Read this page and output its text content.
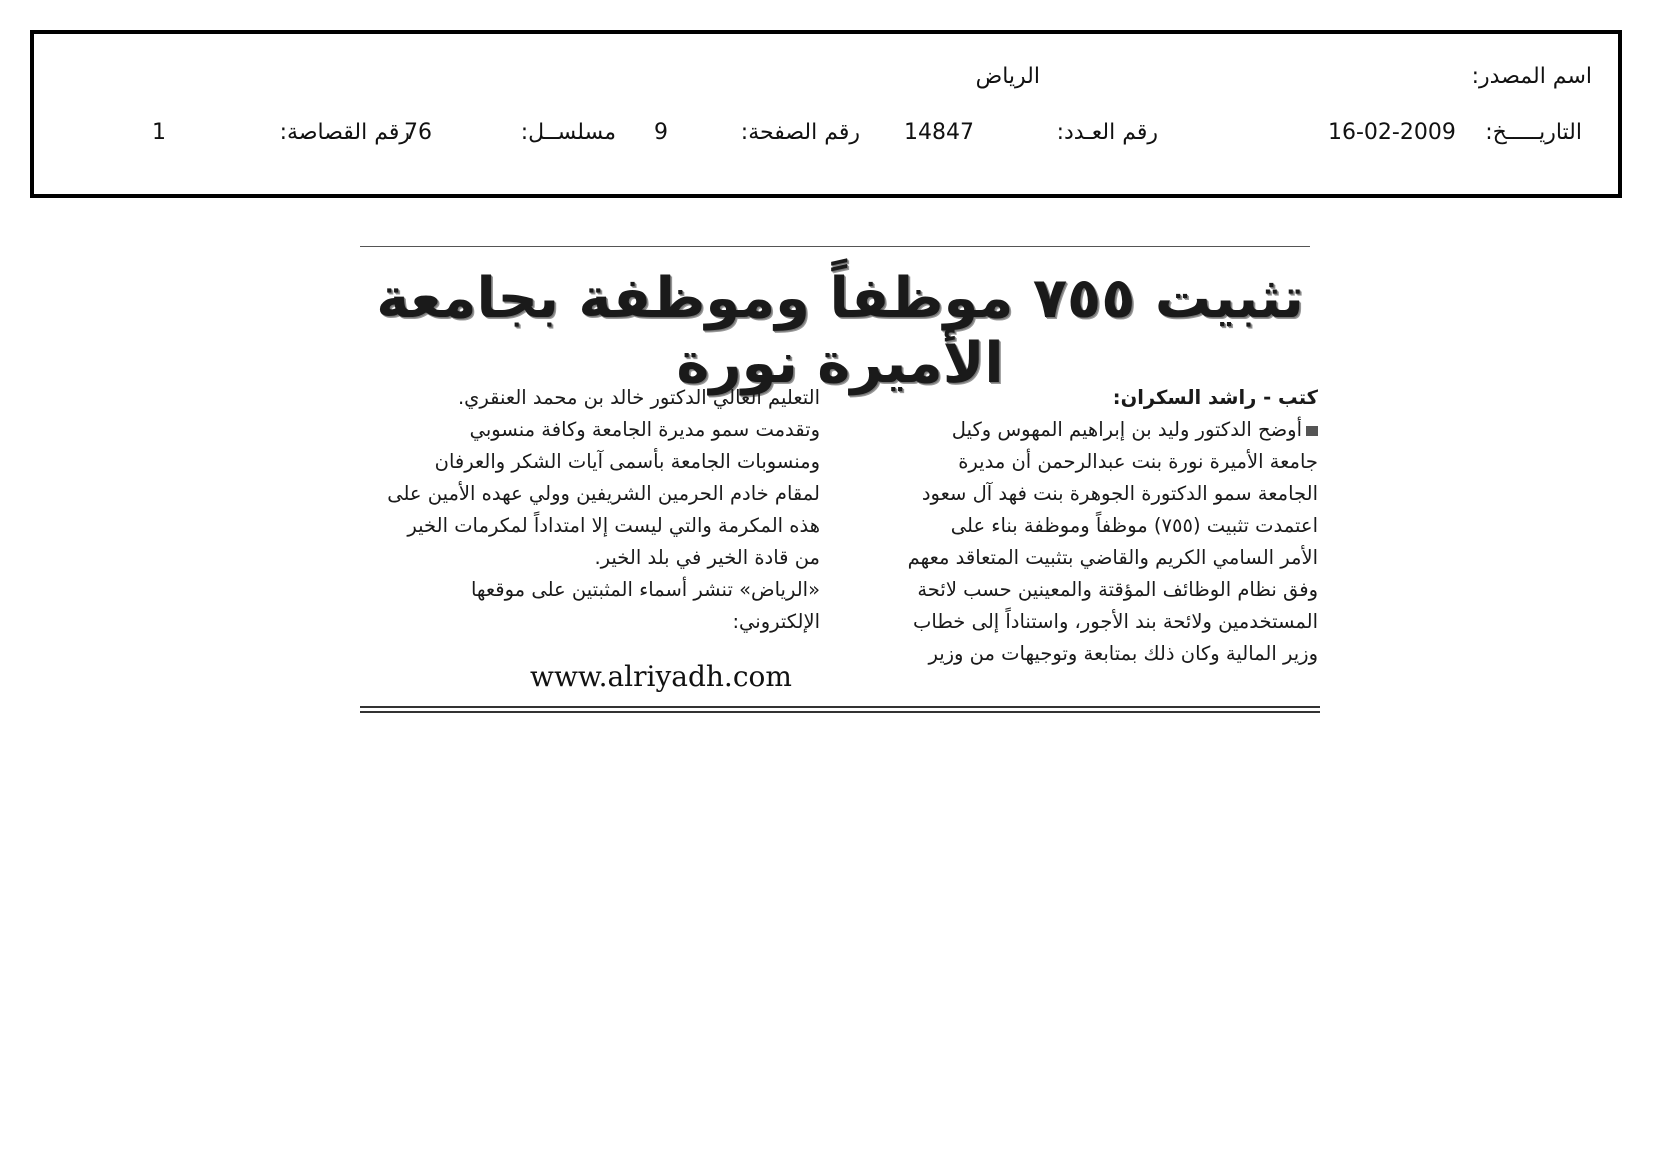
اسم المصدر:
الرياض
التاريـــــخ:
16-02-2009
رقم العـدد:
14847
رقم الصفحة:
9
مسلســل:
76
رقم القصاصة:
1
تثبيت ٧٥٥ موظفاً وموظفة بجامعة الأميرة نورة
كتب - راشد السكران:
أوضح الدكتور وليد بن إبراهيم المهوس وكيل
جامعة الأميرة نورة بنت عبدالرحمن أن مديرة
الجامعة سمو الدكتورة الجوهرة بنت فهد آل سعود
اعتمدت تثبيت (٧٥٥) موظفاً وموظفة بناء على
الأمر السامي الكريم والقاضي بتثبيت المتعاقد معهم
وفق نظام الوظائف المؤقتة والمعينين حسب لائحة
المستخدمين ولائحة بند الأجور، واستناداً إلى خطاب
وزير المالية وكان ذلك بمتابعة وتوجيهات من وزير
التعليم العالي الدكتور خالد بن محمد العنقري.
وتقدمت سمو مديرة الجامعة وكافة منسوبي
ومنسوبات الجامعة بأسمى آيات الشكر والعرفان
لمقام خادم الحرمين الشريفين وولي عهده الأمين على
هذه المكرمة والتي ليست إلا امتداداً لمكرمات الخير
من قادة الخير في بلد الخير.
«الرياض» تنشر أسماء المثبتين على موقعها
الإلكتروني:
www.alriyadh.com
